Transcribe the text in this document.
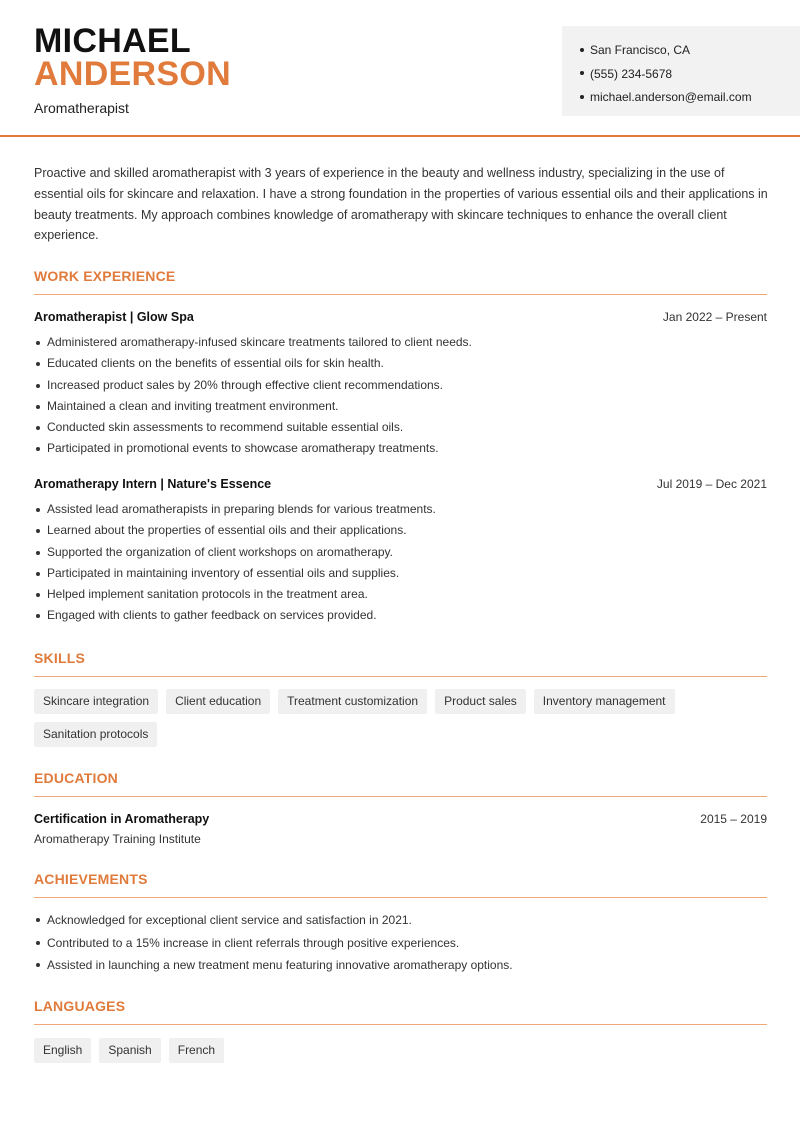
MICHAEL
ANDERSON
Aromatherapist
San Francisco, CA
(555) 234-5678
michael.anderson@email.com

Proactive and skilled aromatherapist with 3 years of experience in the beauty and wellness industry, specializing in the use of essential oils for skincare and relaxation. I have a strong foundation in the properties of various essential oils and their applications in beauty treatments. My approach combines knowledge of aromatherapy with skincare techniques to enhance the overall client experience.

WORK EXPERIENCE
Aromatherapist | Glow Spa	Jan 2022 – Present
Administered aromatherapy-infused skincare treatments tailored to client needs.
Educated clients on the benefits of essential oils for skin health.
Increased product sales by 20% through effective client recommendations.
Maintained a clean and inviting treatment environment.
Conducted skin assessments to recommend suitable essential oils.
Participated in promotional events to showcase aromatherapy treatments.
Aromatherapy Intern | Nature's Essence	Jul 2019 – Dec 2021
Assisted lead aromatherapists in preparing blends for various treatments.
Learned about the properties of essential oils and their applications.
Supported the organization of client workshops on aromatherapy.
Participated in maintaining inventory of essential oils and supplies.
Helped implement sanitation protocols in the treatment area.
Engaged with clients to gather feedback on services provided.
SKILLS
Skincare integration	Client education	Treatment customization	Product sales	Inventory management
Sanitation protocols
EDUCATION
Certification in Aromatherapy	2015 – 2019
Aromatherapy Training Institute
ACHIEVEMENTS
Acknowledged for exceptional client service and satisfaction in 2021.
Contributed to a 15% increase in client referrals through positive experiences.
Assisted in launching a new treatment menu featuring innovative aromatherapy options.
LANGUAGES
English	Spanish	French
